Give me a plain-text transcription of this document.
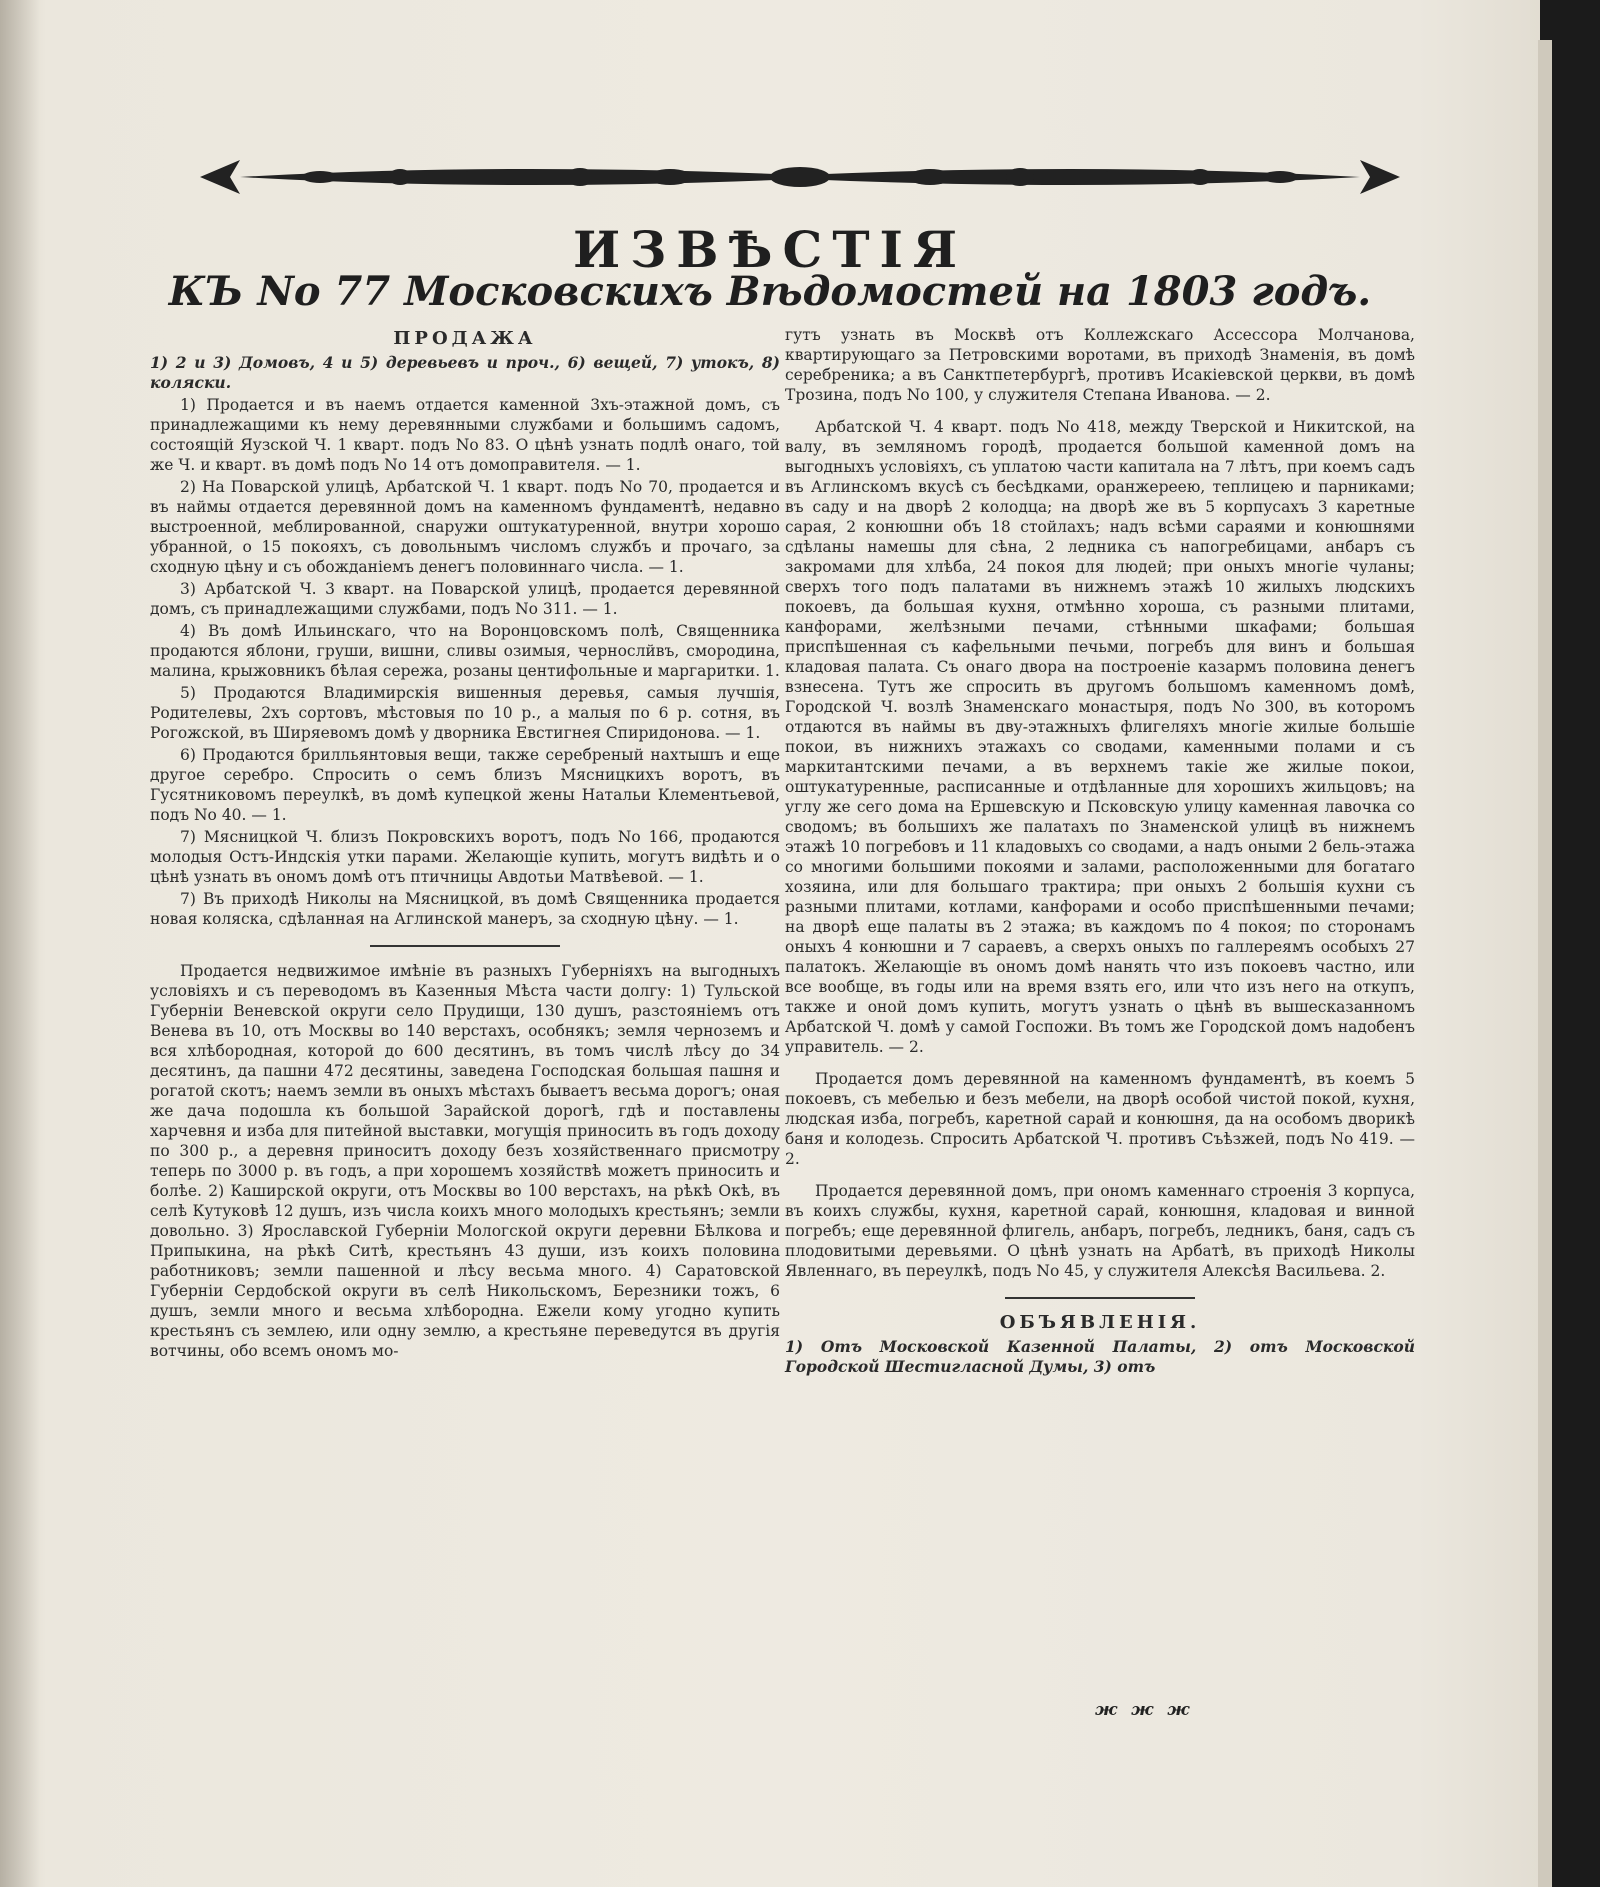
ИЗВѢСТІЯ
КЪ No 77 Московскихъ Вѣдомостей на 1803 годъ.
ПРОДАЖА
1) 2 и 3) Домовъ, 4 и 5) деревьевъ и проч., 6) вещей, 7) утокъ, 8) коляски.

1) Продается и въ наемъ отдается каменной 3хъ-этажной домъ, съ принадлежащими къ нему деревянными службами и большимъ садомъ, состоящій Яузской Ч. 1 кварт. подъ No 83. О цѣнѣ узнать подлѣ онаго, той же Ч. и кварт. въ домѣ подъ No 14 отъ домоправителя. — 1.

2) На Поварской улицѣ, Арбатской Ч. 1 кварт. подъ No 70, продается и въ наймы отдается деревянной домъ на каменномъ фундаментѣ, недавно выстроенной, меблированной, снаружи оштукатуренной, внутри хорошо убранной, о 15 покояхъ, съ довольнымъ числомъ службъ и прочаго, за сходную цѣну и съ обожданіемъ денегъ половиннаго числа. — 1.

3) Арбатской Ч. 3 кварт. на Поварской улицѣ, продается деревянной домъ, съ принадлежащими службами, подъ No 311. — 1.

4) Въ домѣ Ильинскаго, что на Воронцовскомъ полѣ, Священника продаются яблони, груши, вишни, сливы озимыя, чернослйвъ, смородина, малина, крыжовникъ бѣлая сережа, розаны центифольные и маргаритки. 1.

5) Продаются Владимирскія вишенныя деревья, самыя лучшія, Родителевы, 2хъ сортовъ, мѣстовыя по 10 р., а малыя по 6 р. сотня, въ Рогожской, въ Ширяевомъ домѣ у дворника Евстигнея Спиридонова. — 1.

6) Продаются брилльянтовыя вещи, также серебреный нахтышъ и еще другое серебро. Спросить о семъ близъ Мясницкихъ воротъ, въ Гусятниковомъ переулкѣ, въ домѣ купецкой жены Натальи Клементьевой, подъ No 40. — 1.

7) Мясницкой Ч. близъ Покровскихъ воротъ, подъ No 166, продаются молодыя Остъ-Индскія утки парами. Желающіе купить, могутъ видѣть и о цѣнѣ узнать въ ономъ домѣ отъ птичницы Авдотьи Матвѣевой. — 1.

7) Въ приходѣ Николы на Мясницкой, въ домѣ Священника продается новая коляска, сдѣланная на Аглинской манеръ, за сходную цѣну. — 1.

Продается недвижимое имѣніе въ разныхъ Губерніяхъ на выгодныхъ условіяхъ и съ переводомъ въ Казенныя Мѣста части долгу: 1) Тульской Губерніи Веневской округи село Прудищи, 130 душъ, разстояніемъ отъ Венева въ 10, отъ Москвы во 140 верстахъ, особнякъ; земля черноземъ и вся хлѣбородная, которой до 600 десятинъ, въ томъ числѣ лѣсу до 34 десятинъ, да пашни 472 десятины, заведена Господская большая пашня и рогатой скотъ; наемъ земли въ оныхъ мѣстахъ бываетъ весьма дорогъ; оная же дача подошла къ большой Зарайской дорогѣ, гдѣ и поставлены харчевня и изба для питейной выставки, могущія приносить въ годъ доходу по 300 р., а деревня приноситъ доходу безъ хозяйственнаго присмотру теперь по 3000 р. въ годъ, а при хорошемъ хозяйствѣ можетъ приносить и болѣе. 2) Каширской округи, отъ Москвы во 100 верстахъ, на рѣкѣ Окѣ, въ селѣ Кутуковѣ 12 душъ, изъ числа коихъ много молодыхъ крестьянъ; земли довольно. 3) Ярославской Губерніи Мологской округи деревни Бѣлкова и Припыкина, на рѣкѣ Ситѣ, крестьянъ 43 души, изъ коихъ половина работниковъ; земли пашенной и лѣсу весьма много. 4) Саратовской Губерніи Сердобской округи въ селѣ Никольскомъ, Березники тожъ, 6 душъ, земли много и весьма хлѣбородна. Ежели кому угодно купить крестьянъ съ землею, или одну землю, а крестьяне переведутся въ другія вотчины, обо всемъ ономъ мо-

гутъ узнать въ Москвѣ отъ Коллежскаго Ассессора Молчанова, квартирующаго за Петровскими воротами, въ приходѣ Знаменія, въ домѣ серебреника; а въ Санктпетербургѣ, противъ Исакіевской церкви, въ домѣ Трозина, подъ No 100, у служителя Степана Иванова. — 2.

Арбатской Ч. 4 кварт. подъ No 418, между Тверской и Никитской, на валу, въ земляномъ городѣ, продается большой каменной домъ на выгодныхъ условіяхъ, съ уплатою части капитала на 7 лѣтъ, при коемъ садъ въ Аглинскомъ вкусѣ съ бесѣдками, оранжереею, теплицею и парниками; въ саду и на дворѣ 2 колодца; на дворѣ же въ 5 корпусахъ 3 каретные сарая, 2 конюшни объ 18 стойлахъ; надъ всѣми сараями и конюшнями сдѣланы намешы для сѣна, 2 ледника съ напогребицами, анбаръ съ закромами для хлѣба, 24 покоя для людей; при оныхъ многіе чуланы; сверхъ того подъ палатами въ нижнемъ этажѣ 10 жилыхъ людскихъ покоевъ, да большая кухня, отмѣнно хороша, съ разными плитами, канфорами, желѣзными печами, стѣнными шкафами; большая приспѣшенная съ кафельными печьми, погребъ для винъ и большая кладовая палата. Съ онаго двора на построеніе казармъ половина денегъ взнесена. Тутъ же спросить въ другомъ большомъ каменномъ домѣ, Городской Ч. возлѣ Знаменскаго монастыря, подъ No 300, въ которомъ отдаются въ наймы въ дву-этажныхъ флигеляхъ многіе жилые большіе покои, въ нижнихъ этажахъ со сводами, каменными полами и съ маркитантскими печами, а въ верхнемъ такіе же жилые покои, оштукатуренные, расписанные и отдѣланные для хорошихъ жильцовъ; на углу же сего дома на Ершевскую и Псковскую улицу каменная лавочка со сводомъ; въ большихъ же палатахъ по Знаменской улицѣ въ нижнемъ этажѣ 10 погребовъ и 11 кладовыхъ со сводами, а надъ оными 2 бель-этажа со многими большими покоями и залами, расположенными для богатаго хозяина, или для большаго трактира; при оныхъ 2 большія кухни съ разными плитами, котлами, канфорами и особо приспѣшенными печами; на дворѣ еще палаты въ 2 этажа; въ каждомъ по 4 покоя; по сторонамъ оныхъ 4 конюшни и 7 сараевъ, а сверхъ оныхъ по галлереямъ особыхъ 27 палатокъ. Желающіе въ ономъ домѣ нанять что изъ покоевъ частно, или все вообще, въ годы или на время взять его, или что изъ него на откупъ, также и оной домъ купить, могутъ узнать о цѣнѣ въ вышесказанномъ Арбатской Ч. домѣ у самой Госпожи. Въ томъ же Городской домъ надобенъ управитель. — 2.

Продается домъ деревянной на каменномъ фундаментѣ, въ коемъ 5 покоевъ, съ мебелью и безъ мебели, на дворѣ особой чистой покой, кухня, людская изба, погребъ, каретной сарай и конюшня, да на особомъ дворикѣ баня и колодезь. Спросить Арбатской Ч. противъ Съѣзжей, подъ No 419. — 2.

Продается деревянной домъ, при ономъ каменнаго строенія 3 корпуса, въ коихъ службы, кухня, каретной сарай, конюшня, кладовая и винной погребъ; еще деревянной флигель, анбаръ, погребъ, ледникъ, баня, садъ съ плодовитыми деревьями. О цѣнѣ узнать на Арбатѣ, въ приходѣ Николы Явленнаго, въ переулкѣ, подъ No 45, у служителя Алексѣя Васильева. 2.

ОБЪЯВЛЕНІЯ.
1) Отъ Московской Казенной Палаты, 2) отъ Московской Городской Шестигласной Думы, 3) отъ
ж ж ж
